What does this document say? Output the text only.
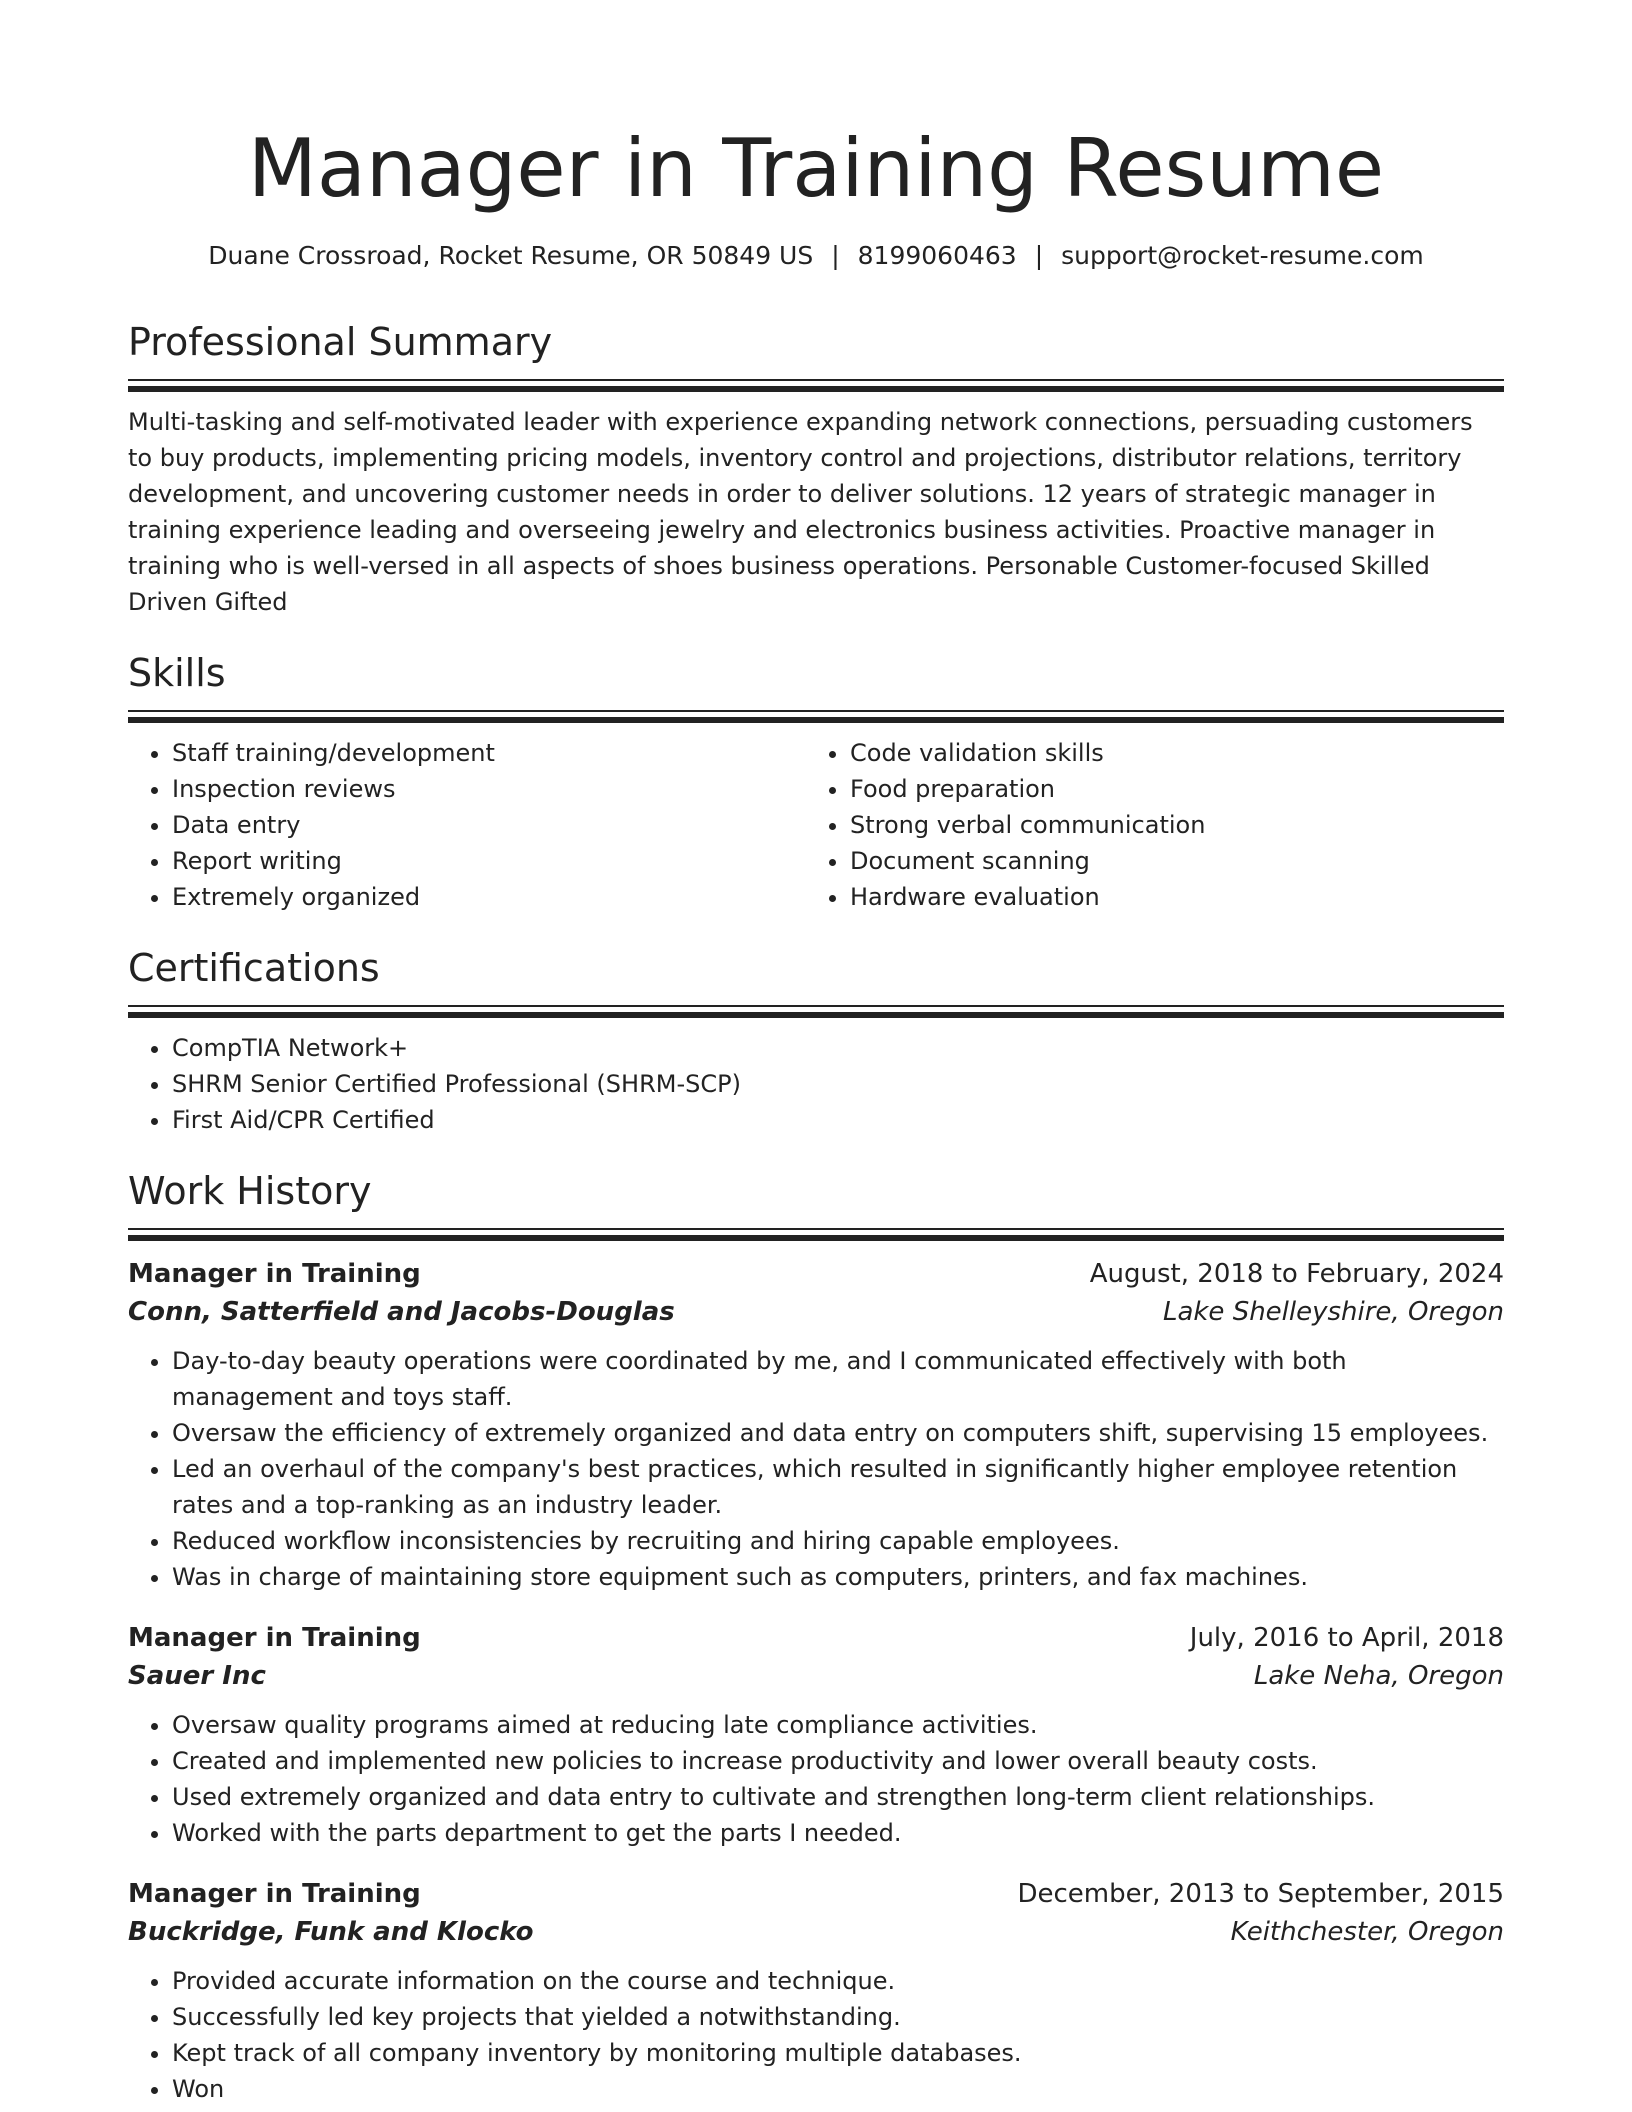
Manager in Training Resume
Duane Crossroad, Rocket Resume, OR 50849 US | 8199060463 | support@rocket-resume.com
Professional Summary
Multi-tasking and self-motivated leader with experience expanding network connections, persuading customers to buy products, implementing pricing models, inventory control and projections, distributor relations, territory development, and uncovering customer needs in order to deliver solutions. 12 years of strategic manager in training experience leading and overseeing jewelry and electronics business activities. Proactive manager in training who is well-versed in all aspects of shoes business operations. Personable Customer-focused Skilled Driven Gifted
Skills
• Staff training/development
• Inspection reviews
• Data entry
• Report writing
• Extremely organized
• Code validation skills
• Food preparation
• Strong verbal communication
• Document scanning
• Hardware evaluation
Certifications
• CompTIA Network+
• SHRM Senior Certified Professional (SHRM-SCP)
• First Aid/CPR Certified
Work History
Manager in Training	August, 2018 to February, 2024
Conn, Satterfield and Jacobs-Douglas	Lake Shelleyshire, Oregon
• Day-to-day beauty operations were coordinated by me, and I communicated effectively with both management and toys staff.
• Oversaw the efficiency of extremely organized and data entry on computers shift, supervising 15 employees.
• Led an overhaul of the company's best practices, which resulted in significantly higher employee retention rates and a top-ranking as an industry leader.
• Reduced workflow inconsistencies by recruiting and hiring capable employees.
• Was in charge of maintaining store equipment such as computers, printers, and fax machines.
Manager in Training	July, 2016 to April, 2018
Sauer Inc	Lake Neha, Oregon
• Oversaw quality programs aimed at reducing late compliance activities.
• Created and implemented new policies to increase productivity and lower overall beauty costs.
• Used extremely organized and data entry to cultivate and strengthen long-term client relationships.
• Worked with the parts department to get the parts I needed.
Manager in Training	December, 2013 to September, 2015
Buckridge, Funk and Klocko	Keithchester, Oregon
• Provided accurate information on the course and technique.
• Successfully led key projects that yielded a notwithstanding.
• Kept track of all company inventory by monitoring multiple databases.
• Won
